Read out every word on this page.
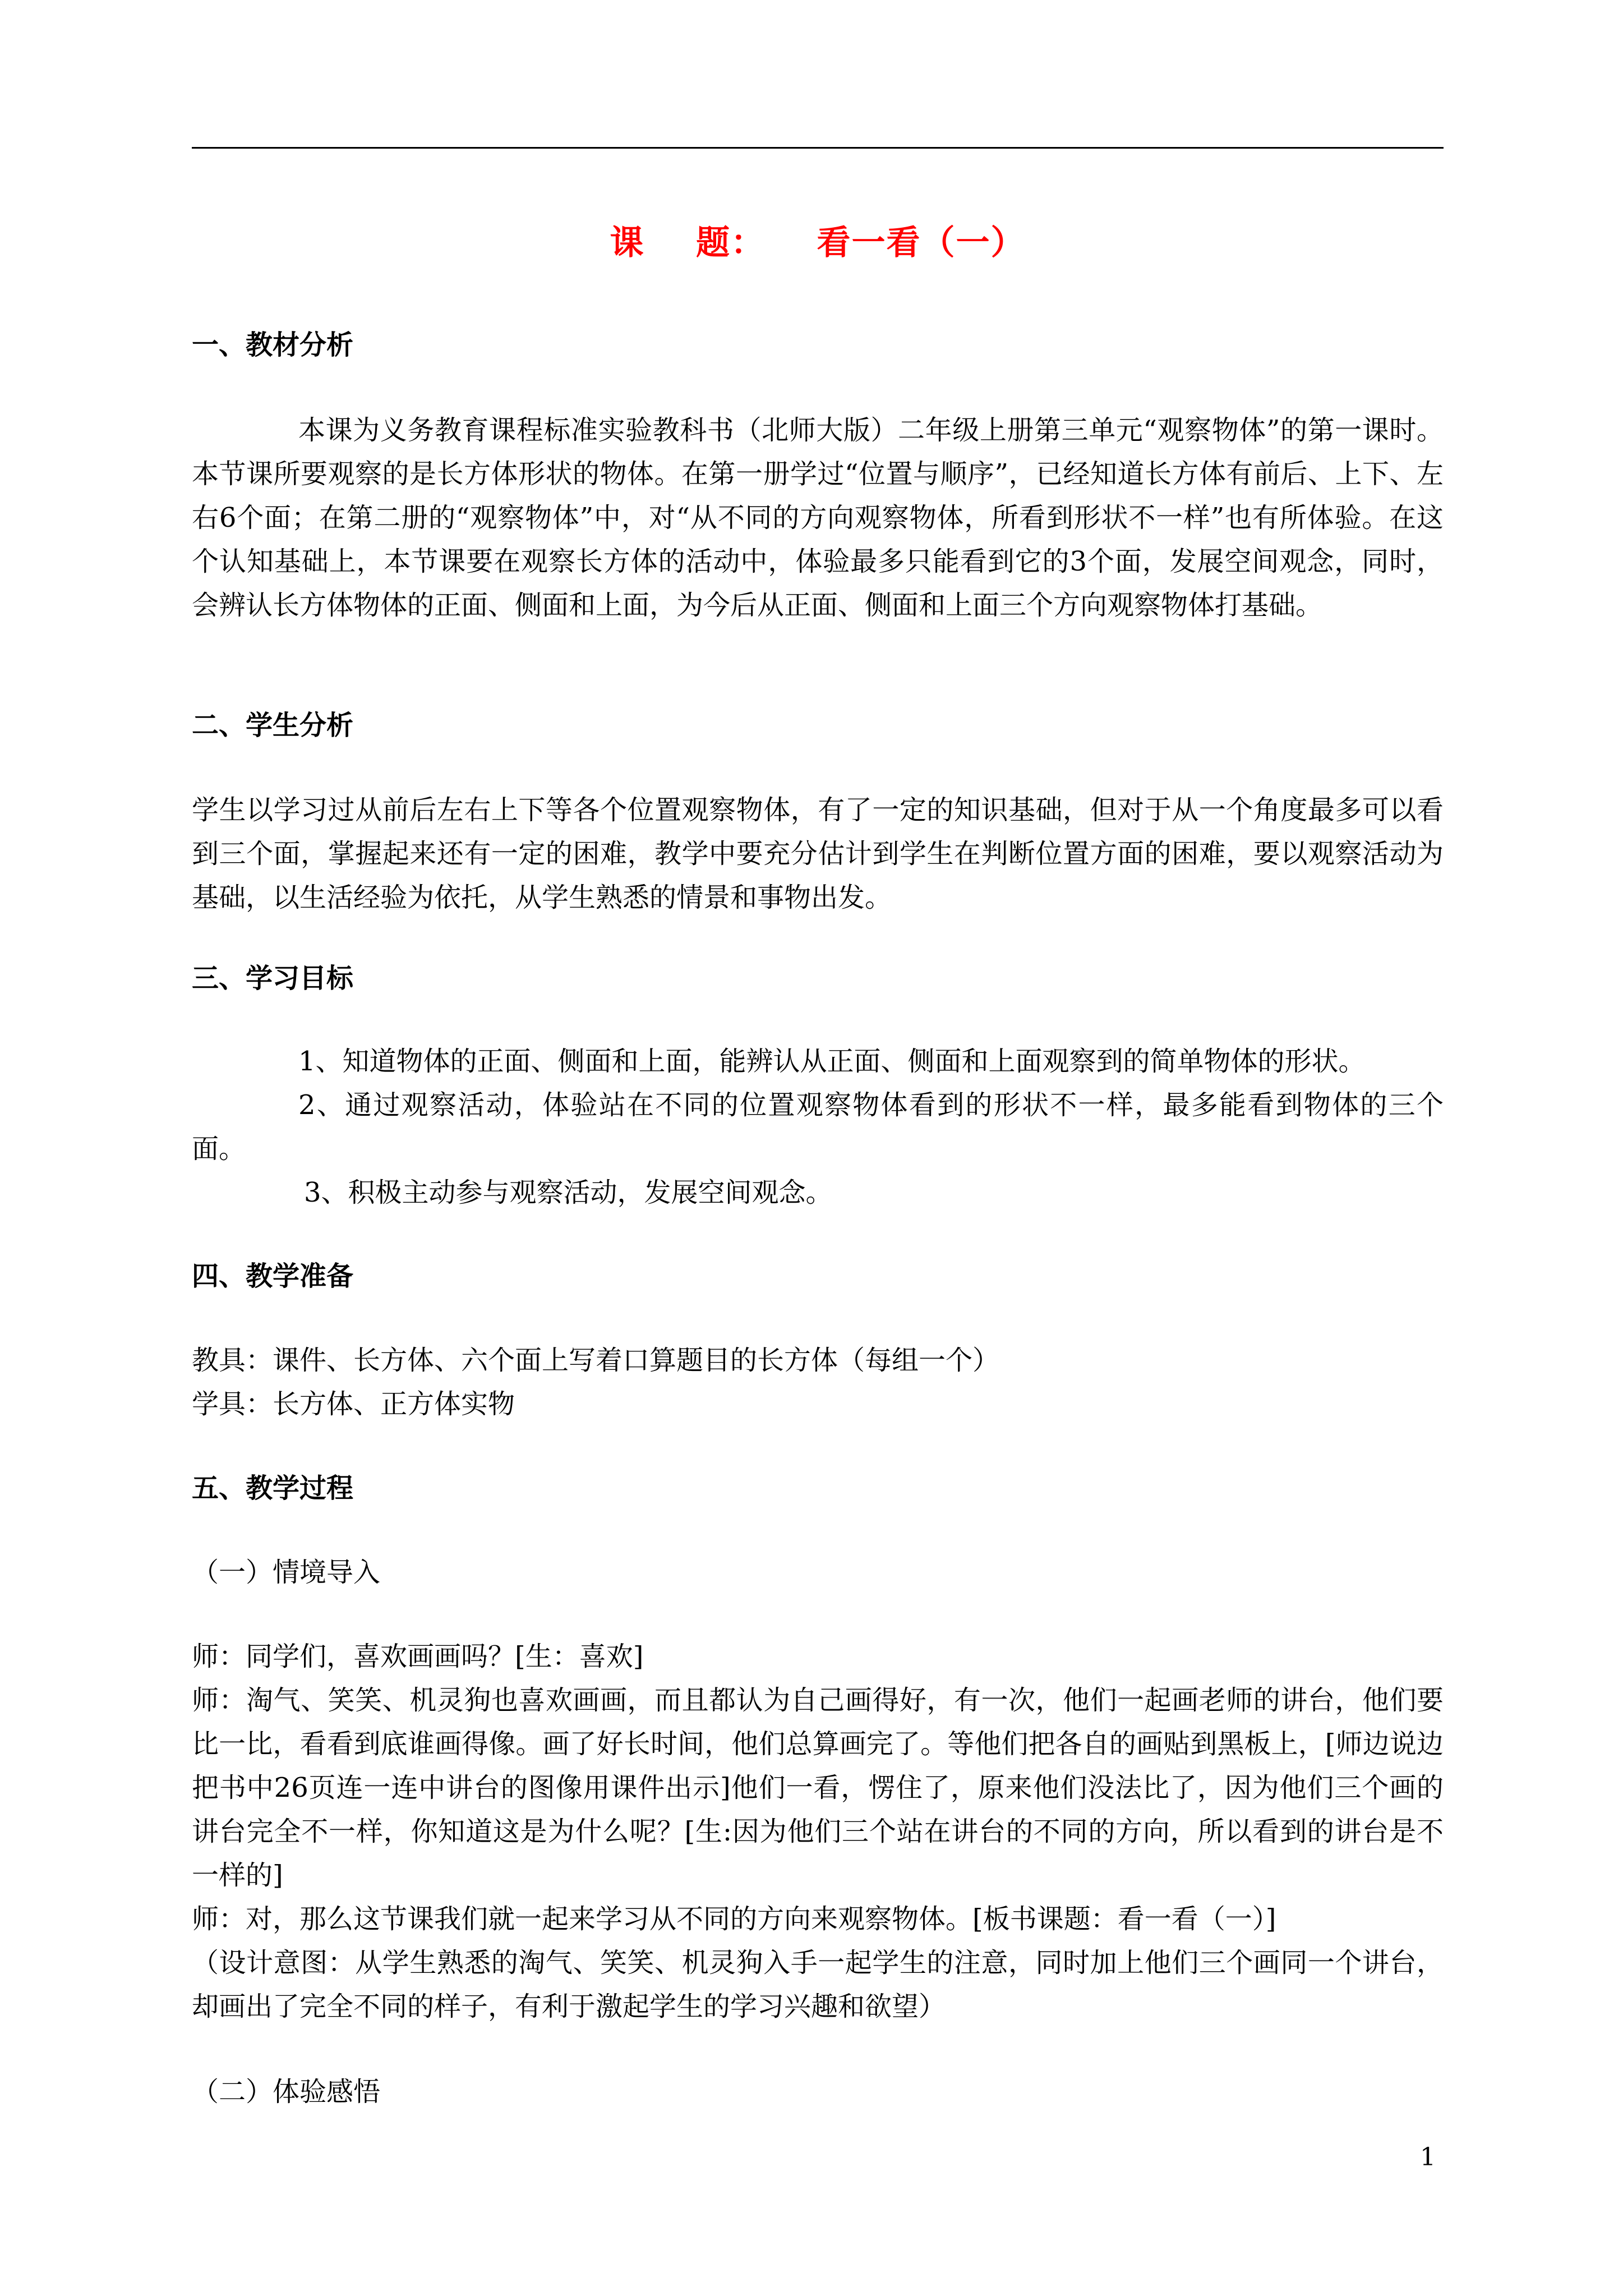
课    题：    看一看（一）
一、教材分析
本课为义务教育课程标准实验教科书（北师大版）二年级上册第三单元“观察物体”的第一课时。本节课所要观察的是长方体形状的物体。在第一册学过“位置与顺序”，已经知道长方体有前后、上下、左右6个面；在第二册的“观察物体”中，对“从不同的方向观察物体，所看到形状不一样”也有所体验。在这个认知基础上，本节课要在观察长方体的活动中，体验最多只能看到它的3个面，发展空间观念，同时，会辨认长方体物体的正面、侧面和上面，为今后从正面、侧面和上面三个方向观察物体打基础。
二、学生分析
学生以学习过从前后左右上下等各个位置观察物体，有了一定的知识基础，但对于从一个角度最多可以看到三个面，掌握起来还有一定的困难，教学中要充分估计到学生在判断位置方面的困难，要以观察活动为基础，以生活经验为依托，从学生熟悉的情景和事物出发。
三、学习目标
1、知道物体的正面、侧面和上面，能辨认从正面、侧面和上面观察到的简单物体的形状。
2、通过观察活动，体验站在不同的位置观察物体看到的形状不一样，最多能看到物体的三个面。
3、积极主动参与观察活动，发展空间观念。
四、教学准备
教具：课件、长方体、六个面上写着口算题目的长方体（每组一个）
学具：长方体、正方体实物
五、教学过程
（一）情境导入
师：同学们，喜欢画画吗？[生：喜欢]
师：淘气、笑笑、机灵狗也喜欢画画，而且都认为自己画得好，有一次，他们一起画老师的讲台，他们要比一比，看看到底谁画得像。画了好长时间，他们总算画完了。等他们把各自的画贴到黑板上，[师边说边把书中26页连一连中讲台的图像用课件出示]他们一看，愣住了，原来他们没法比了，因为他们三个画的讲台完全不一样，你知道这是为什么呢？[生:因为他们三个站在讲台的不同的方向，所以看到的讲台是不一样的]
师：对，那么这节课我们就一起来学习从不同的方向来观察物体。[板书课题：看一看（一）]
（设计意图：从学生熟悉的淘气、笑笑、机灵狗入手一起学生的注意，同时加上他们三个画同一个讲台，却画出了完全不同的样子，有利于激起学生的学习兴趣和欲望）
（二）体验感悟
1
